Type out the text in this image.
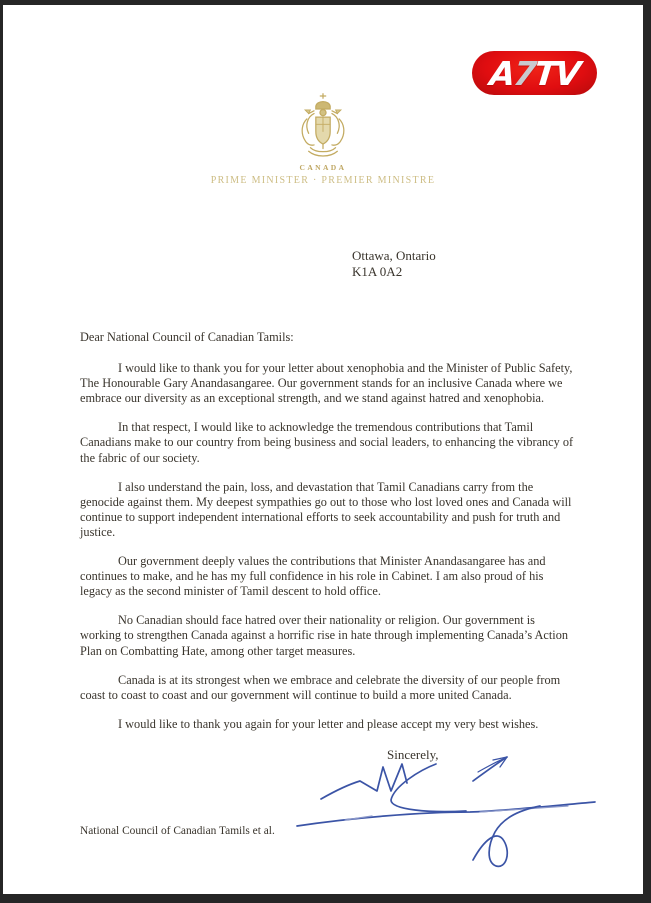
A7TV
CANADA
PRIME MINISTER · PREMIER MINISTRE
Ottawa, Ontario
K1A 0A2

Dear National Council of Canadian Tamils:

I would like to thank you for your letter about xenophobia and the Minister of Public Safety,
The Honourable Gary Anandasangaree. Our government stands for an inclusive Canada where we
embrace our diversity as an exceptional strength, and we stand against hatred and xenophobia.

In that respect, I would like to acknowledge the tremendous contributions that Tamil
Canadians make to our country from being business and social leaders, to enhancing the vibrancy of
the fabric of our society.

I also understand the pain, loss, and devastation that Tamil Canadians carry from the
genocide against them. My deepest sympathies go out to those who lost loved ones and Canada will
continue to support independent international efforts to seek accountability and push for truth and
justice.

Our government deeply values the contributions that Minister Anandasangaree has and
continues to make, and he has my full confidence in his role in Cabinet. I am also proud of his
legacy as the second minister of Tamil descent to hold office.

No Canadian should face hatred over their nationality or religion. Our government is
working to strengthen Canada against a horrific rise in hate through implementing Canada’s Action
Plan on Combatting Hate, among other target measures.

Canada is at its strongest when we embrace and celebrate the diversity of our people from
coast to coast to coast and our government will continue to build a more united Canada.

I would like to thank you again for your letter and please accept my very best wishes.

Sincerely,
National Council of Canadian Tamils et al.
